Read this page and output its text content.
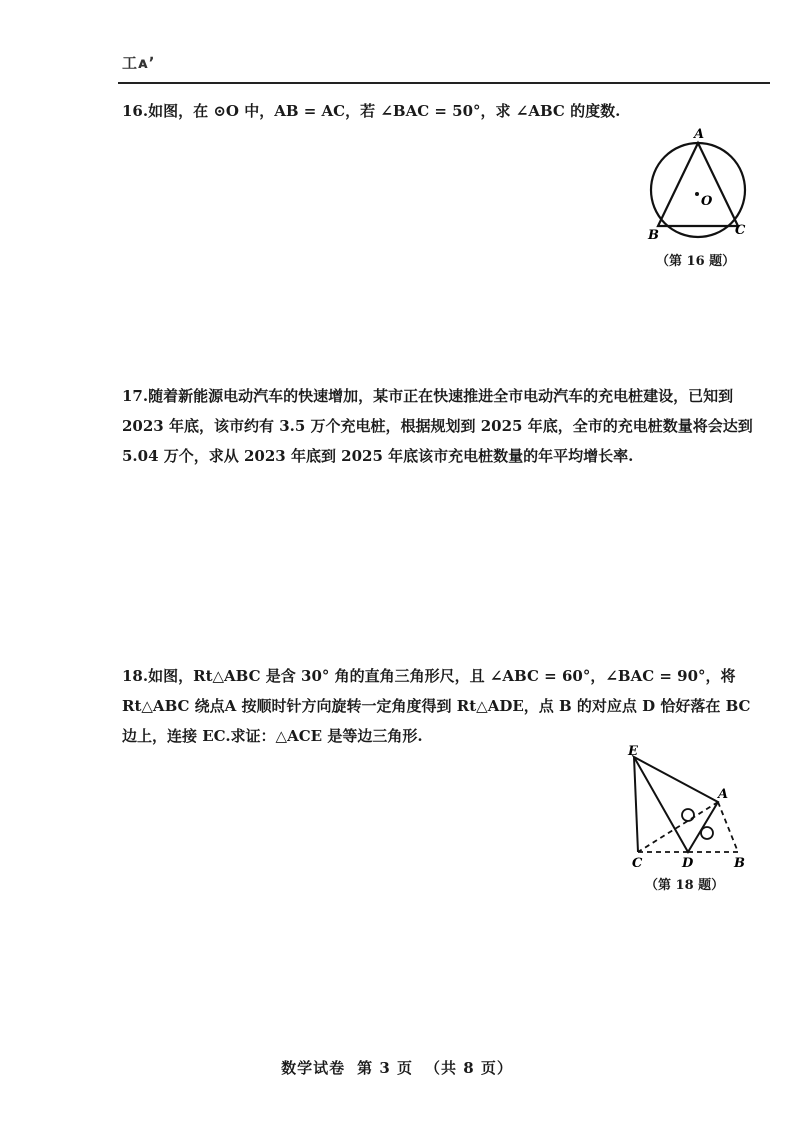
工ᴀʼ
16.如图，在 ⊙O 中，AB = AC，若 ∠BAC = 50°，求 ∠ABC 的度数.
A
B	C
O
（第 16 题）
17.随着新能源电动汽车的快速增加，某市正在快速推进全市电动汽车的充电桩建设，已知到 2023 年底，该市约有 3.5 万个充电桩，根据规划到 2025 年底，全市的充电桩数量将会达到 5.04 万个，求从 2023 年底到 2025 年底该市充电桩数量的年平均增长率.
18.如图，Rt△ABC 是含 30° 角的直角三角形尺，且 ∠ABC = 60°，∠BAC = 90°，将 Rt△ABC 绕点A 按顺时针方向旋转一定角度得到 Rt△ADE，点 B 的对应点 D 恰好落在 BC 边上，连接 EC.求证：△ACE 是等边三角形.
E
A
C	D	B
（第 18 题）
数学试卷 第 3 页 （共 8 页）
